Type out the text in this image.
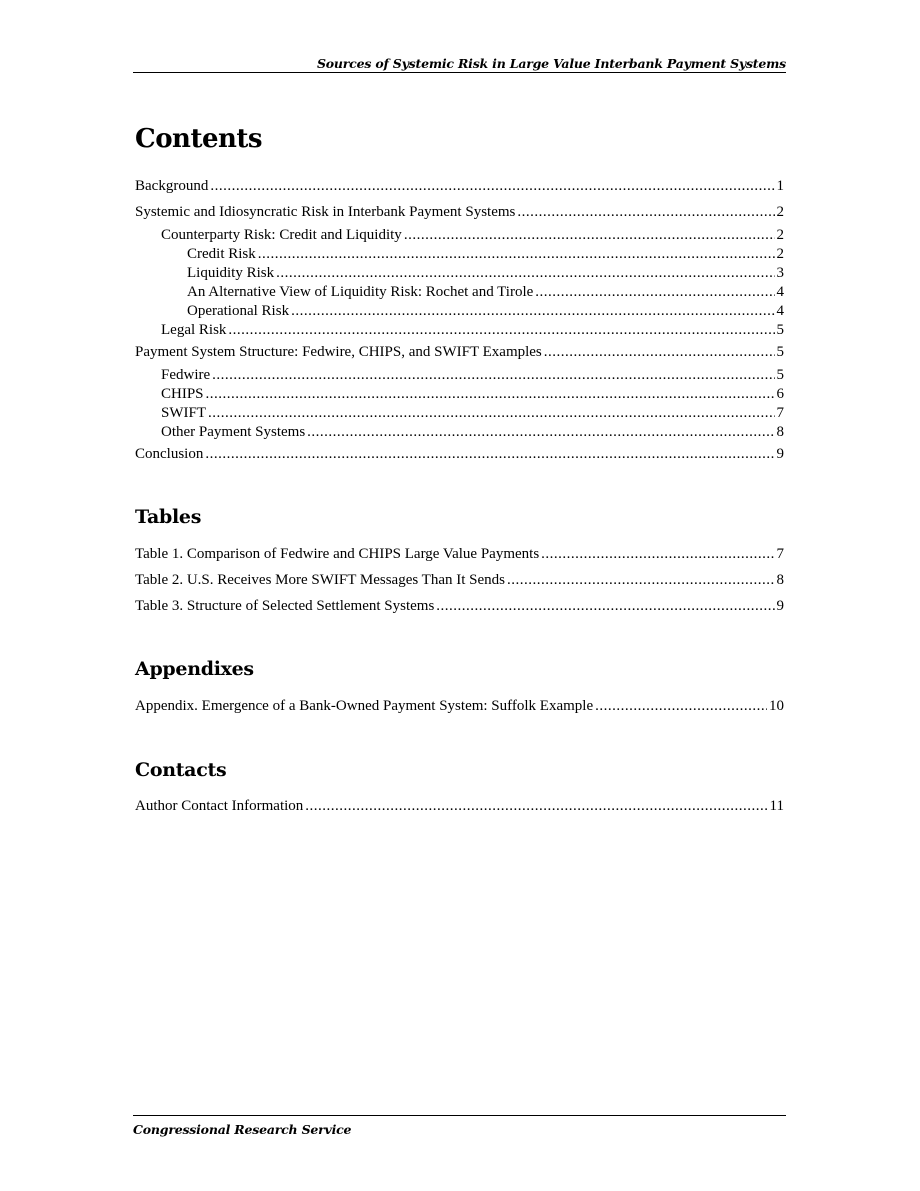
Sources of Systemic Risk in Large Value Interbank Payment Systems
Contents
Background .....	1
Systemic and Idiosyncratic Risk in Interbank Payment Systems .....	2
Counterparty Risk: Credit and Liquidity .....	2
Credit Risk .....	2
Liquidity Risk .....	3
An Alternative View of Liquidity Risk: Rochet and Tirole .....	4
Operational Risk .....	4
Legal Risk .....	5
Payment System Structure: Fedwire, CHIPS, and SWIFT Examples .....	5
Fedwire .....	5
CHIPS .....	6
SWIFT .....	7
Other Payment Systems .....	8
Conclusion .....	9
Tables
Table 1. Comparison of Fedwire and CHIPS Large Value Payments .....	7
Table 2. U.S. Receives More SWIFT Messages Than It Sends .....	8
Table 3. Structure of Selected Settlement Systems .....	9
Appendixes
Appendix. Emergence of a Bank-Owned Payment System: Suffolk Example .....	10
Contacts
Author Contact Information .....	11
Congressional Research Service
